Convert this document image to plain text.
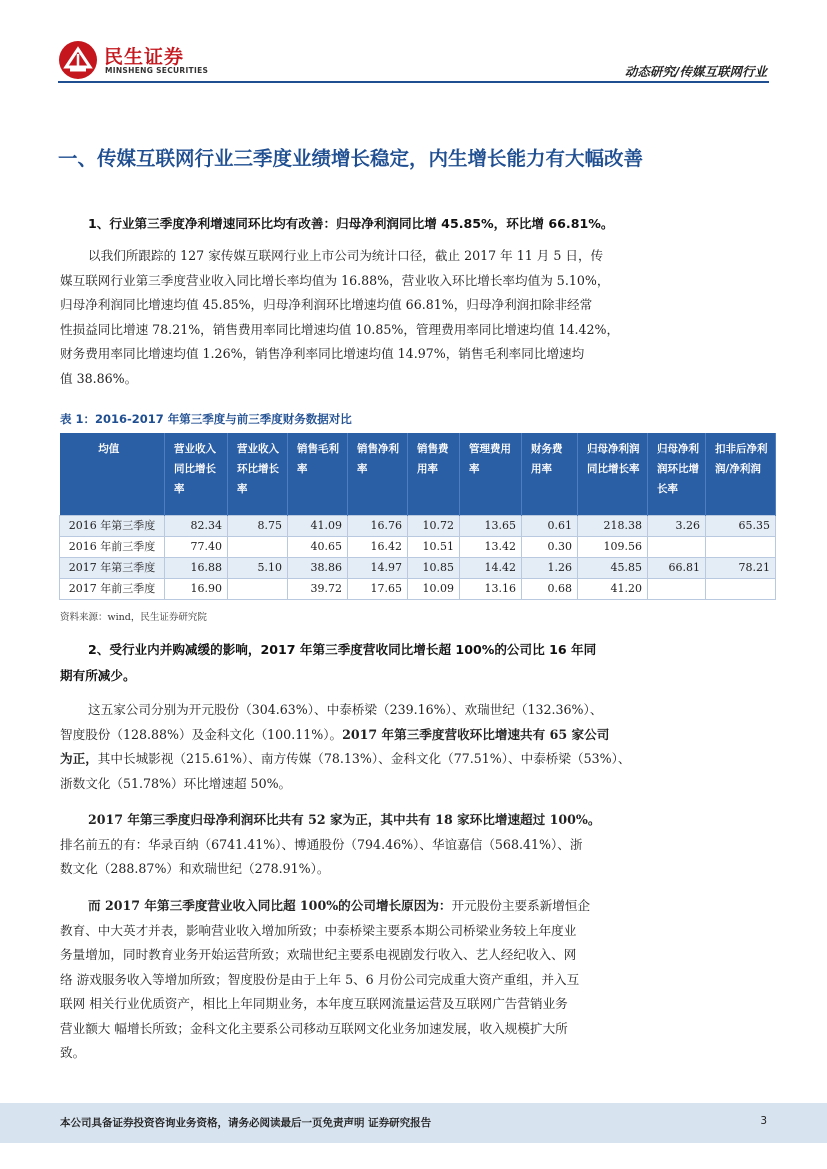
民生证券
MINSHENG SECURITIES	动态研究/传媒互联网行业
一、传媒互联网行业三季度业绩增长稳定，内生增长能力有大幅改善
1、行业第三季度净利增速同环比均有改善：归母净利润同比增 45.85%，环比增 66.81%。
以我们所跟踪的 127 家传媒互联网行业上市公司为统计口径，截止 2017 年 11 月 5 日，传
媒互联网行业第三季度营业收入同比增长率均值为 16.88%，营业收入环比增长率均值为 5.10%，
归母净利润同比增速均值 45.85%，归母净利润环比增速均值 66.81%，归母净利润扣除非经常
性损益同比增速 78.21%，销售费用率同比增速均值 10.85%，管理费用率同比增速均值 14.42%，
财务费用率同比增速均值 1.26%，销售净利率同比增速均值 14.97%，销售毛利率同比增速均
值 38.86%。
表 1：2016-2017 年第三季度与前三季度财务数据对比
均值	营业收入同比增长率	营业收入环比增长率	销售毛利率	销售净利率	销售费用率	管理费用率	财务费用率	归母净利润同比增长率	归母净利润环比增长率	扣非后净利润/净利润
2016 年第三季度	82.34	8.75	41.09	16.76	10.72	13.65	0.61	218.38	3.26	65.35
2016 年前三季度	77.40		40.65	16.42	10.51	13.42	0.30	109.56		
2017 年第三季度	16.88	5.10	38.86	14.97	10.85	14.42	1.26	45.85	66.81	78.21
2017 年前三季度	16.90		39.72	17.65	10.09	13.16	0.68	41.20		
资料来源：wind，民生证券研究院
2、受行业内并购减缓的影响，2017 年第三季度营收同比增长超 100%的公司比 16 年同
期有所减少。
这五家公司分别为开元股份（304.63%）、中泰桥梁（239.16%）、欢瑞世纪（132.36%）、
智度股份（128.88%）及金科文化（100.11%）。2017 年第三季度营收环比增速共有 65 家公司
为正，其中长城影视（215.61%）、南方传媒（78.13%）、金科文化（77.51%）、中泰桥梁（53%）、
浙数文化（51.78%）环比增速超 50%。
2017 年第三季度归母净利润环比共有 52 家为正，其中共有 18 家环比增速超过 100%。
排名前五的有：华录百纳（6741.41%）、博通股份（794.46%）、华谊嘉信（568.41%）、浙
数文化（288.87%）和欢瑞世纪（278.91%）。
而 2017 年第三季度营业收入同比超 100%的公司增长原因为：开元股份主要系新增恒企
教育、中大英才并表，影响营业收入增加所致；中泰桥梁主要系本期公司桥梁业务较上年度业
务量增加，同时教育业务开始运营所致；欢瑞世纪主要系电视剧发行收入、艺人经纪收入、网
络 游戏服务收入等增加所致；智度股份是由于上年 5、6 月份公司完成重大资产重组，并入互
联网 相关行业优质资产，相比上年同期业务，本年度互联网流量运营及互联网广告营销业务
营业额大 幅增长所致；金科文化主要系公司移动互联网文化业务加速发展，收入规模扩大所
致。
本公司具备证券投资咨询业务资格，请务必阅读最后一页免责声明 证券研究报告	3
